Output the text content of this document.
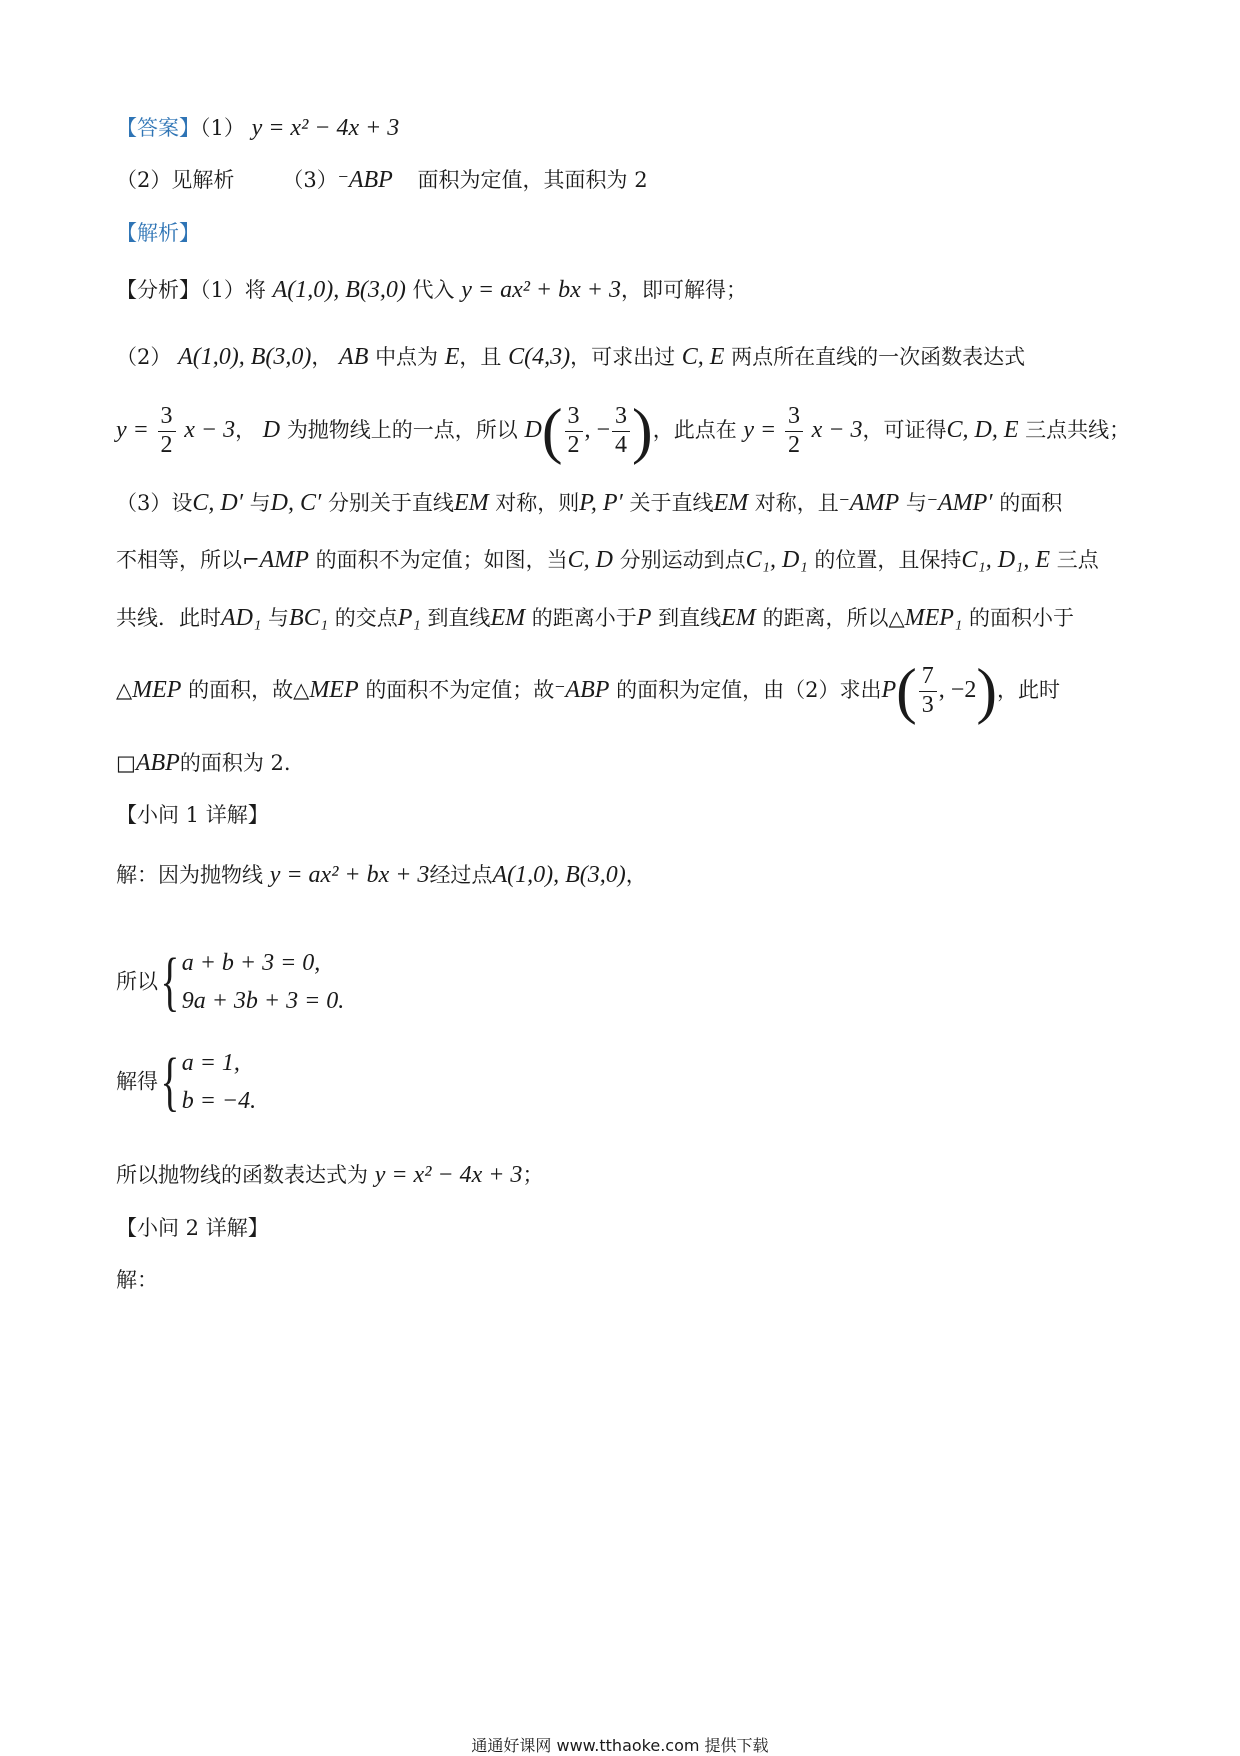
【答案】（1） y = x² − 4x + 3
（2）见解析 （3）⁻ABP 面积为定值，其面积为 2
【解析】
【分析】（1）将 A(1,0), B(3,0) 代入 y = ax² + bx + 3，即可解得；
（2） A(1,0), B(3,0)， AB 中点为 E，且 C(4,3)，可求出过 C, E 两点所在直线的一次函数表达式
$y = \frac{3}{2}$ x − 3， D 为抛物线上的一点，所以 $D( \frac{3}{2}$ , − $\frac{3}{4}$ )，此点在 $y = \frac{3}{2}$ x − 3，可证得C, D, E 三点共线；
（3）设C, D′ 与D, C′ 分别关于直线EM 对称，则P, P′ 关于直线EM 对称，且⁻AMP 与⁻AMP′ 的面积
不相等，所以⌐AMP 的面积不为定值；如图，当C, D 分别运动到点C₁, D₁ 的位置，且保持C₁, D₁, E 三点
共线．此时AD₁ 与BC₁ 的交点P₁ 到直线EM 的距离小于P 到直线EM 的距离，所以△MEP₁ 的面积小于
△MEP 的面积，故△MEP 的面积不为定值；故⁻ABP 的面积为定值，由（2）求出$P( \frac{7}{3}$ , −2)，此时
□ABP的面积为 2.
【小问 1 详解】
解：因为抛物线 y = ax² + bx + 3经过点A(1,0), B(3,0)，
所以 { a + b + 3 = 0,
9a + 3b + 3 = 0.
解得 { a = 1,
b = −4.
所以抛物线的函数表达式为 y = x² − 4x + 3；
【小问 2 详解】
解：
通通好课网 www.tthaoke.com 提供下载
